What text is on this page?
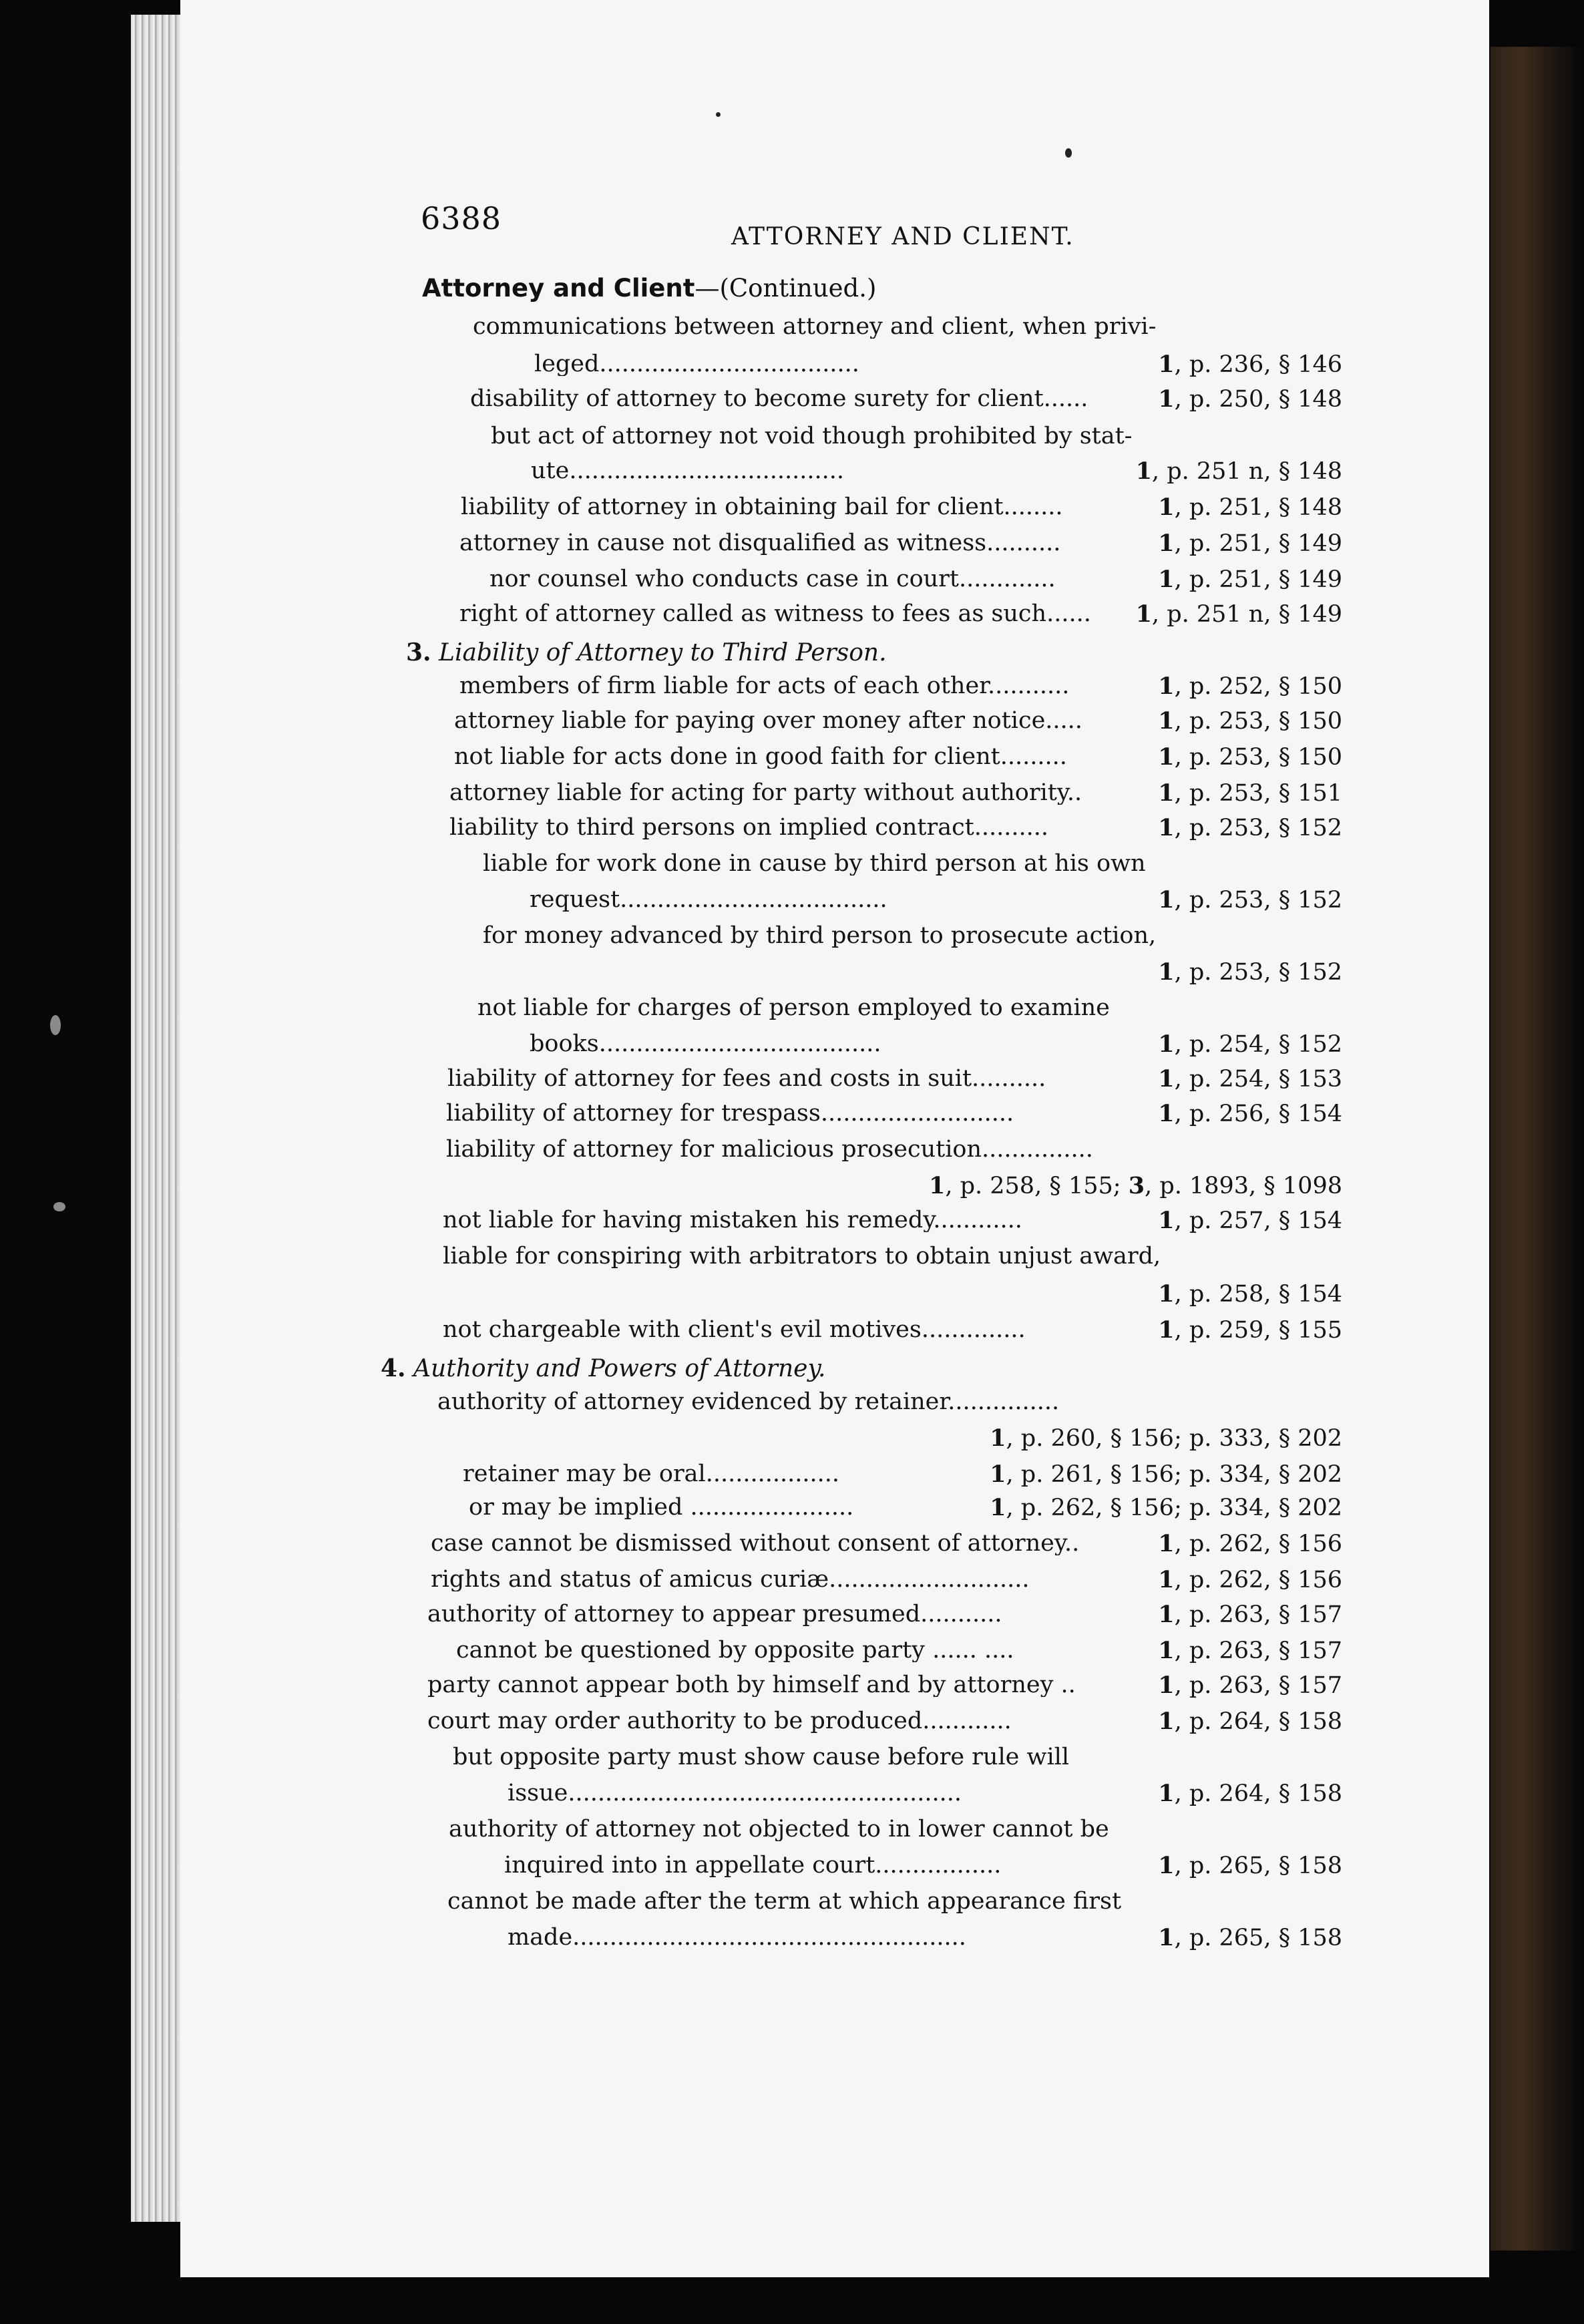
6388
ATTORNEY AND CLIENT.
Attorney and Client—(Continued.)
communications between attorney and client, when privi-
leged...................................	1, p. 236, § 146
disability of attorney to become surety for client......	1, p. 250, § 148
but act of attorney not void though prohibited by stat-
ute.....................................	1, p. 251 n, § 148
liability of attorney in obtaining bail for client........	1, p. 251, § 148
attorney in cause not disqualified as witness..........	1, p. 251, § 149
nor counsel who conducts case in court.............	1, p. 251, § 149
right of attorney called as witness to fees as such...... 1, p. 251 n, § 149
3. Liability of Attorney to Third Person.
members of firm liable for acts of each other...........	1, p. 252, § 150
attorney liable for paying over money after notice.....	1, p. 253, § 150
not liable for acts done in good faith for client.........	1, p. 253, § 150
attorney liable for acting for party without authority..	1, p. 253, § 151
liability to third persons on implied contract..........	1, p. 253, § 152
liable for work done in cause by third person at his own
request....................................	1, p. 253, § 152
for money advanced by third person to prosecute action,
1, p. 253, § 152
not liable for charges of person employed to examine
books......................................	1, p. 254, § 152
liability of attorney for fees and costs in suit..........	1, p. 254, § 153
liability of attorney for trespass..........................	1, p. 256, § 154
liability of attorney for malicious prosecution...............
1, p. 258, § 155; 3, p. 1893, § 1098
not liable for having mistaken his remedy............	1, p. 257, § 154
liable for conspiring with arbitrators to obtain unjust award,
1, p. 258, § 154
not chargeable with client's evil motives..............	1, p. 259, § 155
4. Authority and Powers of Attorney.
authority of attorney evidenced by retainer...............
1, p. 260, § 156; p. 333, § 202
retainer may be oral..................	1, p. 261, § 156; p. 334, § 202
or may be implied ......................	1, p. 262, § 156; p. 334, § 202
case cannot be dismissed without consent of attorney..	1, p. 262, § 156
rights and status of amicus curiæ...........................	1, p. 262, § 156
authority of attorney to appear presumed...........	1, p. 263, § 157
cannot be questioned by opposite party ...... ....	1, p. 263, § 157
party cannot appear both by himself and by attorney ..	1, p. 263, § 157
court may order authority to be produced............	1, p. 264, § 158
but opposite party must show cause before rule will
issue.....................................................	1, p. 264, § 158
authority of attorney not objected to in lower cannot be
inquired into in appellate court.................	1, p. 265, § 158
cannot be made after the term at which appearance first
made.....................................................	1, p. 265, § 158
